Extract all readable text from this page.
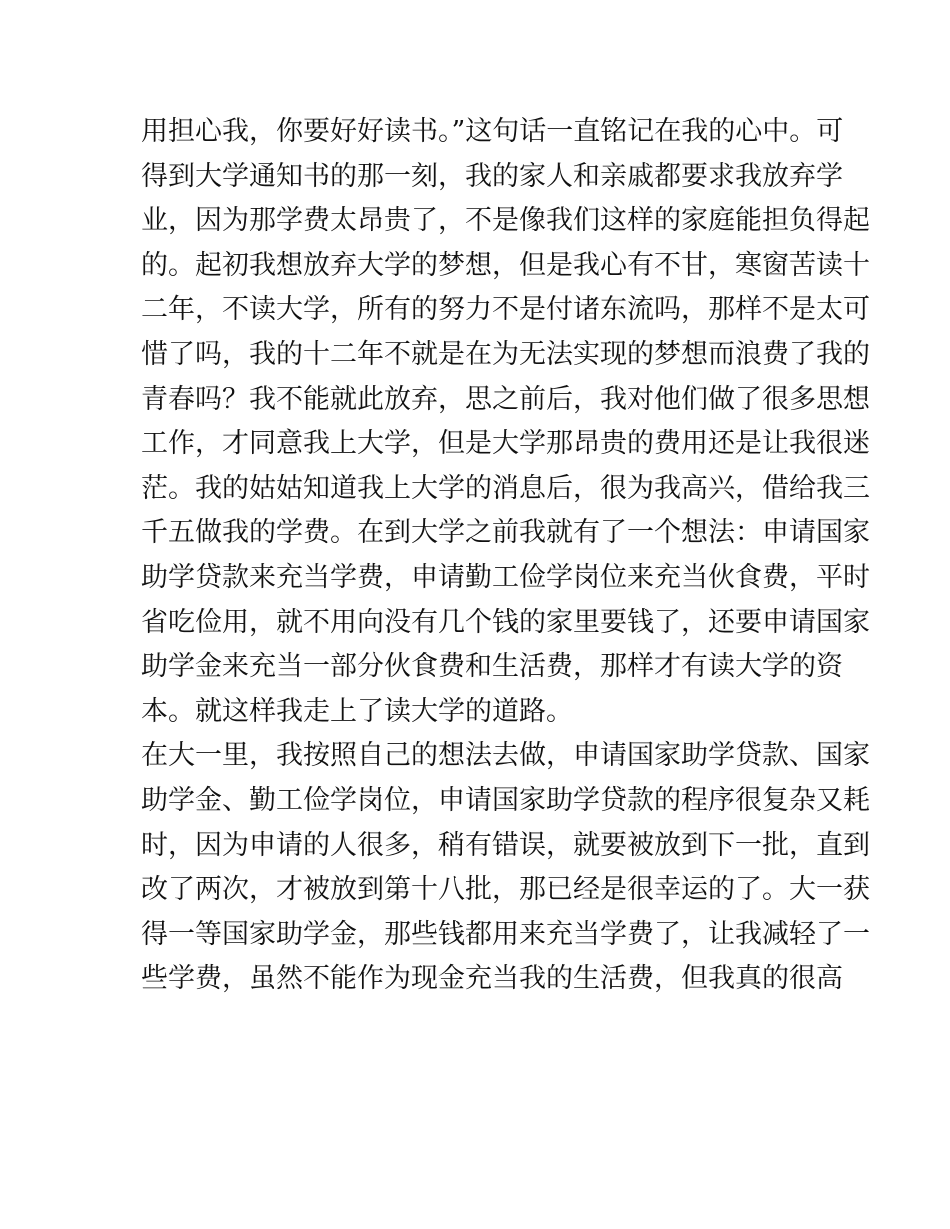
用担心我，你要好好读书。”这句话一直铭记在我的心中。可

得到大学通知书的那一刻，我的家人和亲戚都要求我放弃学

业，因为那学费太昂贵了，不是像我们这样的家庭能担负得起

的。起初我想放弃大学的梦想，但是我心有不甘，寒窗苦读十

二年，不读大学，所有的努力不是付诸东流吗，那样不是太可

惜了吗，我的十二年不就是在为无法实现的梦想而浪费了我的

青春吗？我不能就此放弃，思之前后，我对他们做了很多思想

工作，才同意我上大学，但是大学那昂贵的费用还是让我很迷

茫。我的姑姑知道我上大学的消息后，很为我高兴，借给我三

千五做我的学费。在到大学之前我就有了一个想法：申请国家

助学贷款来充当学费，申请勤工俭学岗位来充当伙食费，平时

省吃俭用，就不用向没有几个钱的家里要钱了，还要申请国家

助学金来充当一部分伙食费和生活费，那样才有读大学的资

本。就这样我走上了读大学的道路。

在大一里，我按照自己的想法去做，申请国家助学贷款、国家

助学金、勤工俭学岗位，申请国家助学贷款的程序很复杂又耗

时，因为申请的人很多，稍有错误，就要被放到下一批，直到

改了两次，才被放到第十八批，那已经是很幸运的了。大一获

得一等国家助学金，那些钱都用来充当学费了，让我减轻了一

些学费，虽然不能作为现金充当我的生活费，但我真的很高
